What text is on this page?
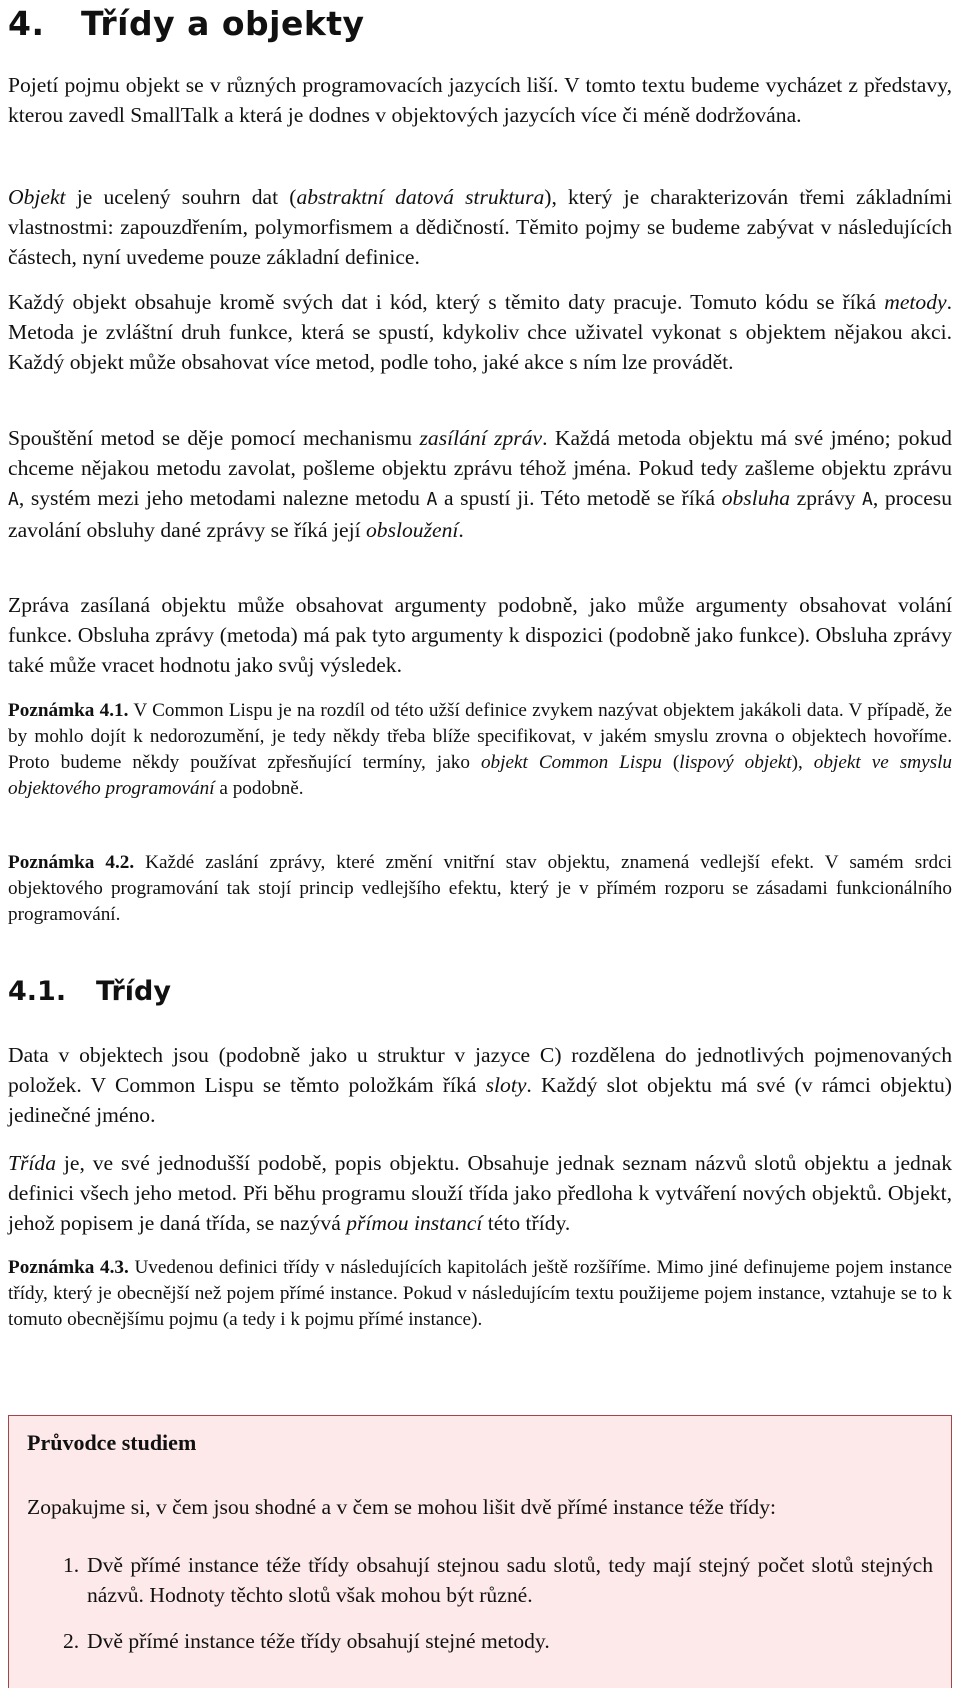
4. Třídy a objekty

Pojetí pojmu objekt se v různých programovacích jazycích liší. V tomto textu budeme vycházet z představy, kterou zavedl SmallTalk a která je dodnes v objektových jazycích více či méně dodržována.

Objekt je ucelený souhrn dat (abstraktní datová struktura), který je charakterizován třemi základními vlastnostmi: zapouzdřením, polymorfismem a dědičností. Těmito pojmy se budeme zabývat v následujících částech, nyní uvedeme pouze základní definice.

Každý objekt obsahuje kromě svých dat i kód, který s těmito daty pracuje. Tomuto kódu se říká metody. Metoda je zvláštní druh funkce, která se spustí, kdykoliv chce uživatel vykonat s objektem nějakou akci. Každý objekt může obsahovat více metod, podle toho, jaké akce s ním lze provádět.

Spouštění metod se děje pomocí mechanismu zasílání zpráv. Každá metoda objektu má své jméno; pokud chceme nějakou metodu zavolat, pošleme objektu zprávu téhož jména. Pokud tedy zašleme objektu zprávu A, systém mezi jeho metodami nalezne metodu A a spustí ji. Této metodě se říká obsluha zprávy A, procesu zavolání obsluhy dané zprávy se říká její obsloužení.

Zpráva zasílaná objektu může obsahovat argumenty podobně, jako může argumenty obsahovat volání funkce. Obsluha zprávy (metoda) má pak tyto argumenty k dispozici (podobně jako funkce). Obsluha zprávy také může vracet hodnotu jako svůj výsledek.

Poznámka 4.1. V Common Lispu je na rozdíl od této užší definice zvykem nazývat objektem jakákoli data. V případě, že by mohlo dojít k nedorozumění, je tedy někdy třeba blíže specifikovat, v jakém smyslu zrovna o objektech hovoříme. Proto budeme někdy používat zpřesňující termíny, jako objekt Common Lispu (lispový objekt), objekt ve smyslu objektového programování a podobně.

Poznámka 4.2. Každé zaslání zprávy, které změní vnitřní stav objektu, znamená vedlejší efekt. V samém srdci objektového programování tak stojí princip vedlejšího efektu, který je v přímém rozporu se zásadami funkcionálního programování.

4.1. Třídy

Data v objektech jsou (podobně jako u struktur v jazyce C) rozdělena do jednotlivých pojmenovaných položek. V Common Lispu se těmto položkám říká sloty. Každý slot objektu má své (v rámci objektu) jedinečné jméno.

Třída je, ve své jednodušší podobě, popis objektu. Obsahuje jednak seznam názvů slotů objektu a jednak definici všech jeho metod. Při běhu programu slouží třída jako předloha k vytváření nových objektů. Objekt, jehož popisem je daná třída, se nazývá přímou instancí této třídy.

Poznámka 4.3. Uvedenou definici třídy v následujících kapitolách ještě rozšíříme. Mimo jiné definujeme pojem instance třídy, který je obecnější než pojem přímé instance. Pokud v následujícím textu použijeme pojem instance, vztahuje se to k tomuto obecnějšímu pojmu (a tedy i k pojmu přímé instance).

Průvodce studiem

Zopakujme si, v čem jsou shodné a v čem se mohou lišit dvě přímé instance téže třídy:

1. Dvě přímé instance téže třídy obsahují stejnou sadu slotů, tedy mají stejný počet slotů stejných názvů. Hodnoty těchto slotů však mohou být různé.

2. Dvě přímé instance téže třídy obsahují stejné metody.
